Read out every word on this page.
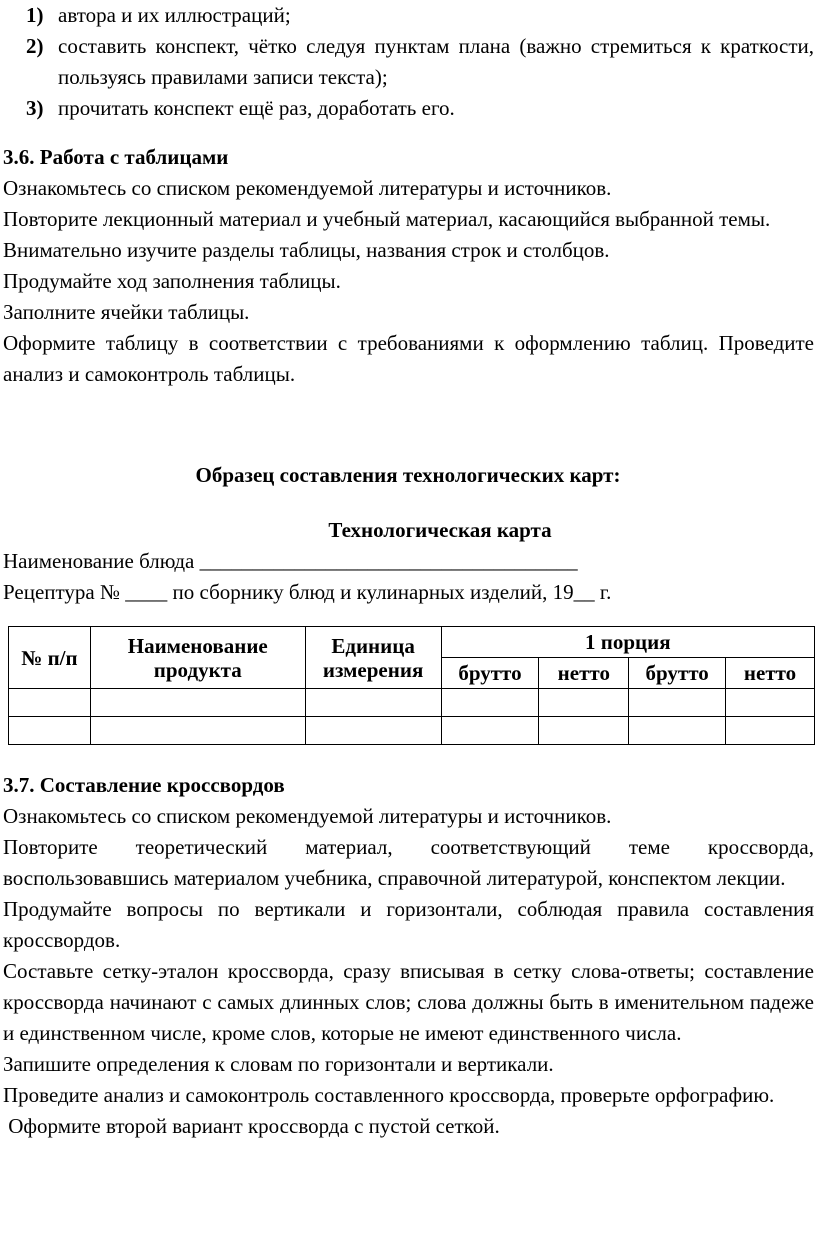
1) автора и их иллюстраций;
2) составить конспект, чётко следуя пунктам плана (важно стремиться к краткости, пользуясь правилами записи текста);
3) прочитать конспект ещё раз, доработать его.

3.6. Работа с таблицами

Ознакомьтесь со списком рекомендуемой литературы и источников.

Повторите лекционный материал и учебный материал, касающийся выбранной темы.

Внимательно изучите разделы таблицы, названия строк и столбцов.

Продумайте ход заполнения таблицы.

Заполните ячейки таблицы.

Оформите таблицу в соответствии с требованиями к оформлению таблиц. Проведите анализ и самоконтроль таблицы.

Образец составления технологических карт:
Технологическая карта

Наименование блюда ____________________________________

Рецептура № ____ по сборнику блюд и кулинарных изделий, 19__ г.

№ п/п	Наименование продукта	Единица измерения	1 порция			
			брутто	нетто	брутто	нетто

3.7. Составление кроссвордов

Ознакомьтесь со списком рекомендуемой литературы и источников.

Повторите теоретический материал, соответствующий теме кроссворда, воспользовавшись материалом учебника, справочной литературой, конспектом лекции.

Продумайте вопросы по вертикали и горизонтали, соблюдая правила составления кроссвордов.

Составьте сетку-эталон кроссворда, сразу вписывая в сетку слова-ответы; составление кроссворда начинают с самых длинных слов; слова должны быть в именительном падеже и единственном числе, кроме слов, которые не имеют единственного числа.

Запишите определения к словам по горизонтали и вертикали.

Проведите анализ и самоконтроль составленного кроссворда, проверьте орфографию.

Оформите второй вариант кроссворда с пустой сеткой.
